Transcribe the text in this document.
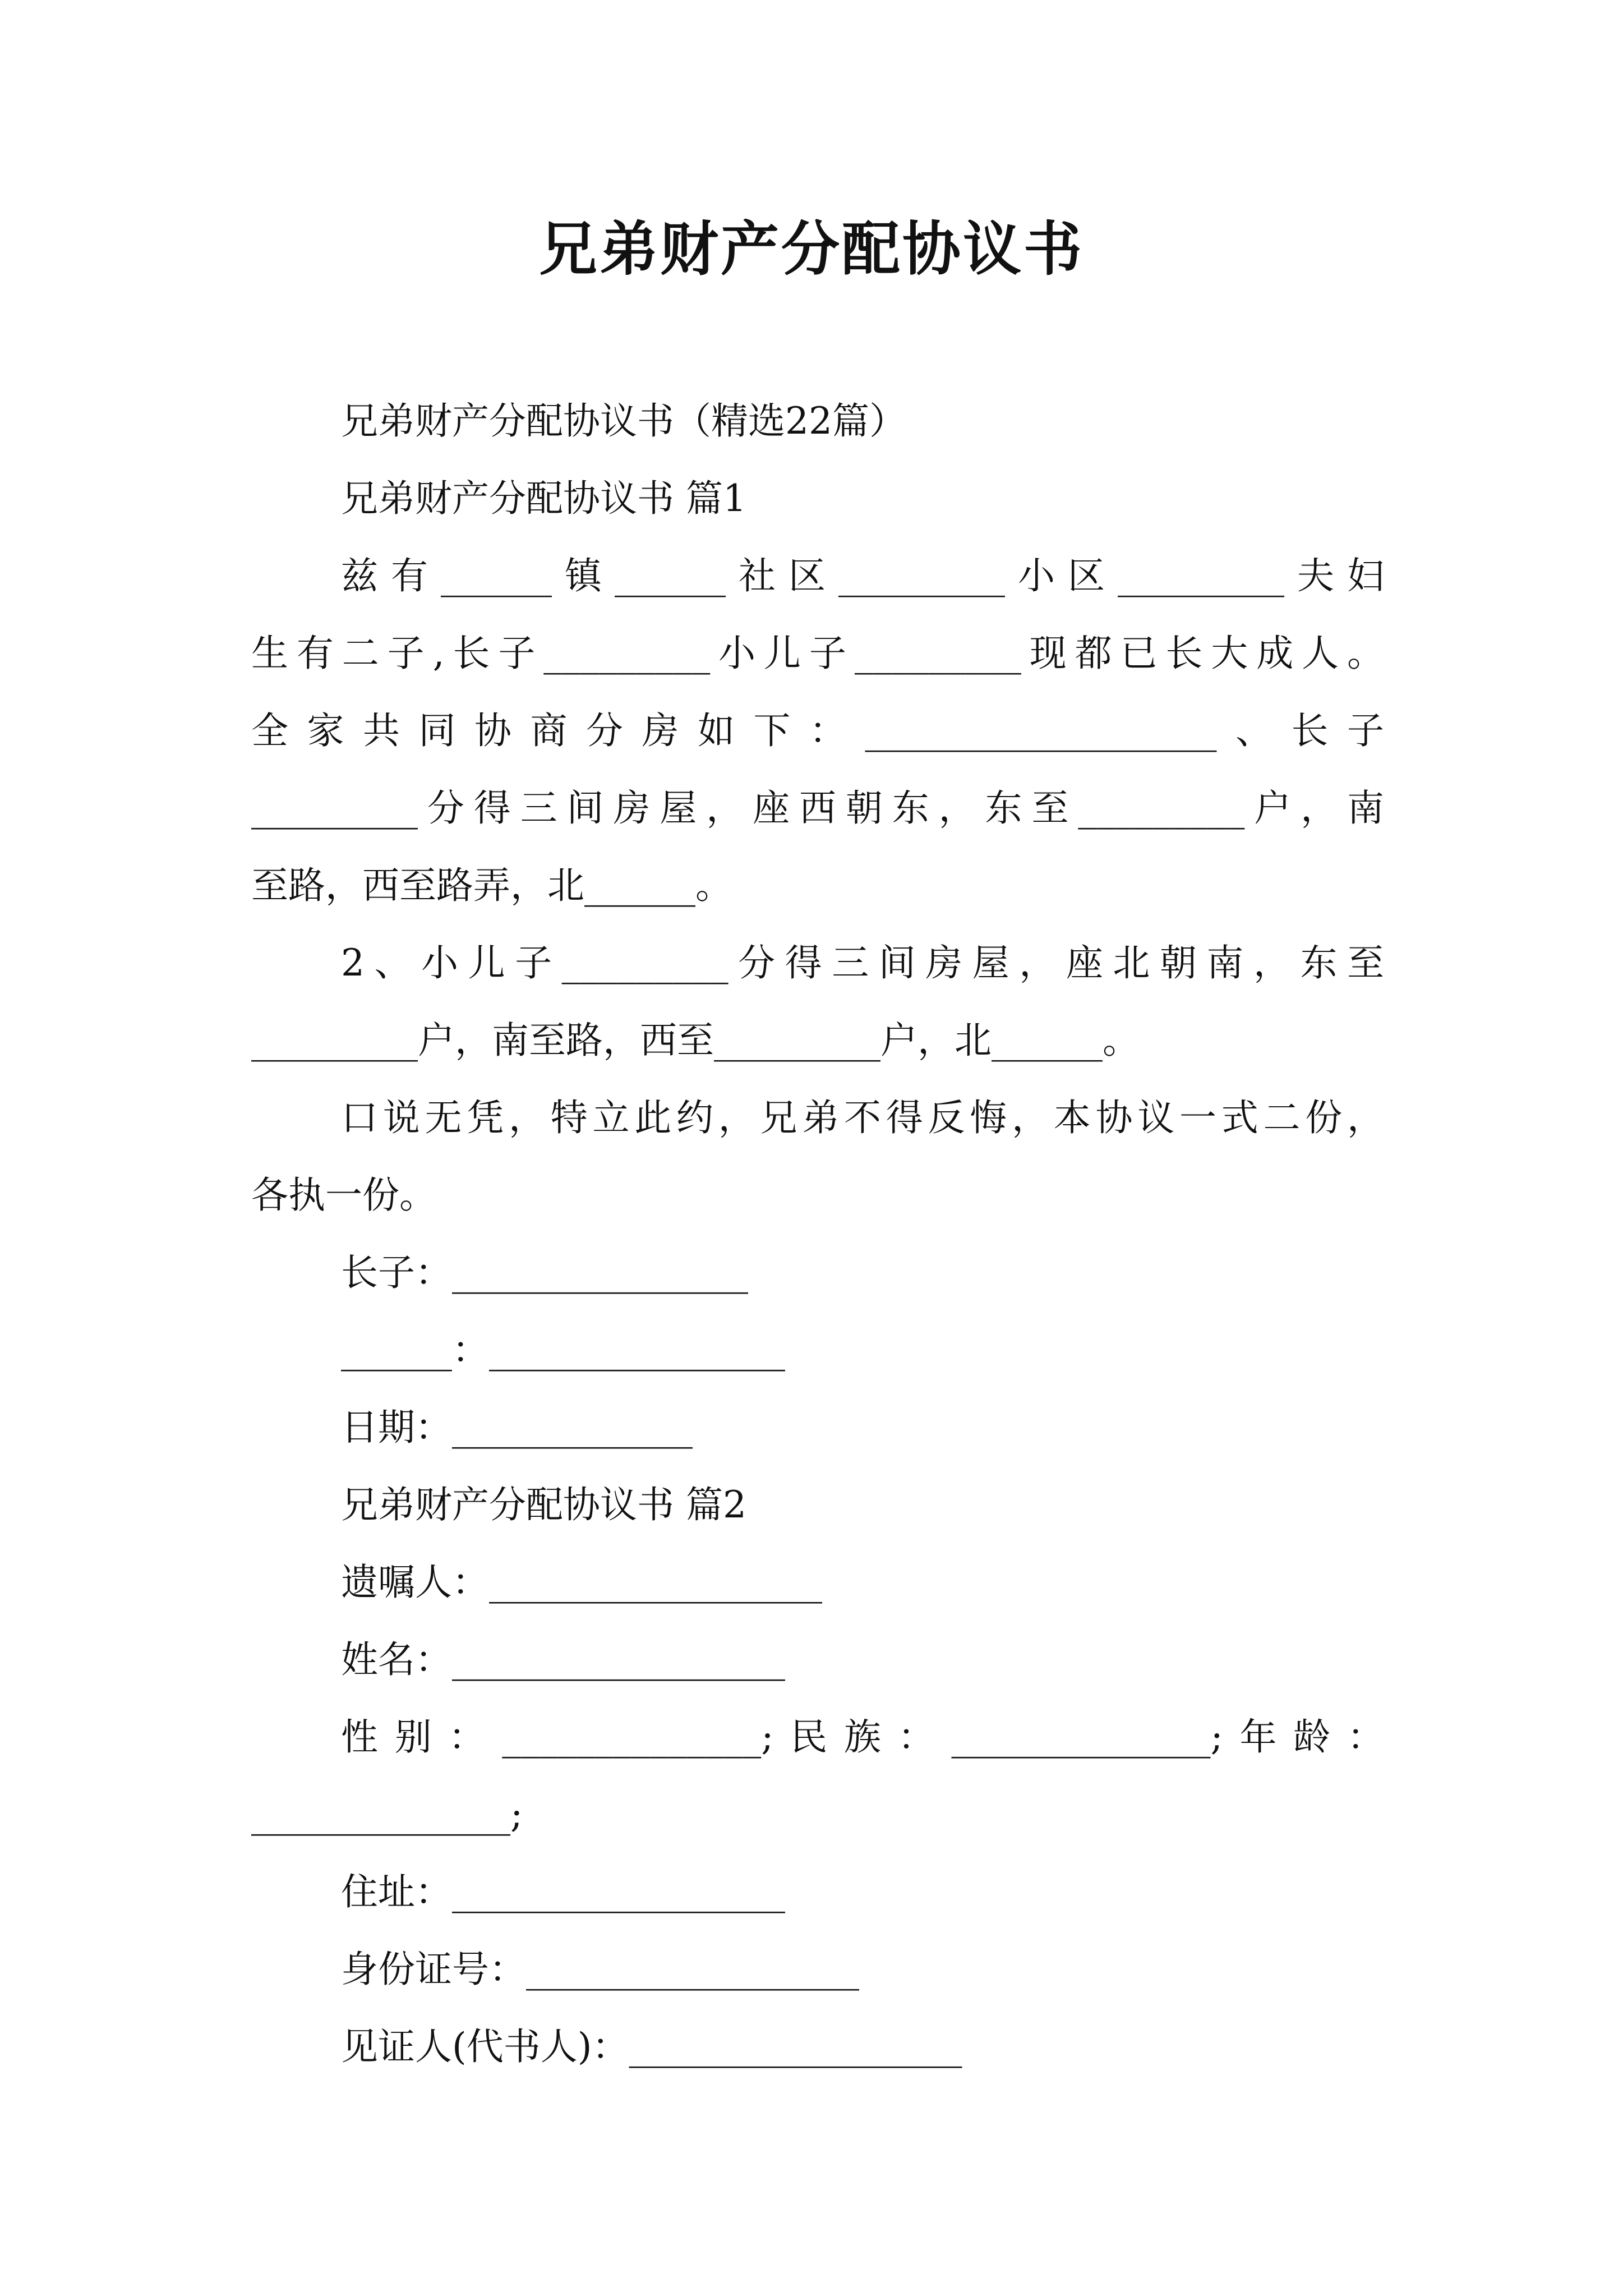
兄弟财产分配协议书

兄弟财产分配协议书（精选22篇）

兄弟财产分配协议书 篇1

兹有______镇______社区_________小区_________夫妇

生有二子,长子_________小儿子_________现都已长大成人。

全家共同协商分房如下：___________________、长子

_________分得三间房屋，座西朝东，东至_________户，南

至路，西至路弄，北______。

2、小儿子_________分得三间房屋，座北朝南，东至

_________户，南至路，西至_________户，北______。

口说无凭，特立此约，兄弟不得反悔，本协议一式二份，

各执一份。

长子：________________

______：________________

日期：_____________

兄弟财产分配协议书 篇2

遗嘱人：__________________

姓名：__________________

性别：______________;民族：______________;年龄：

______________;

住址：__________________

身份证号：__________________

见证人(代书人)：__________________
